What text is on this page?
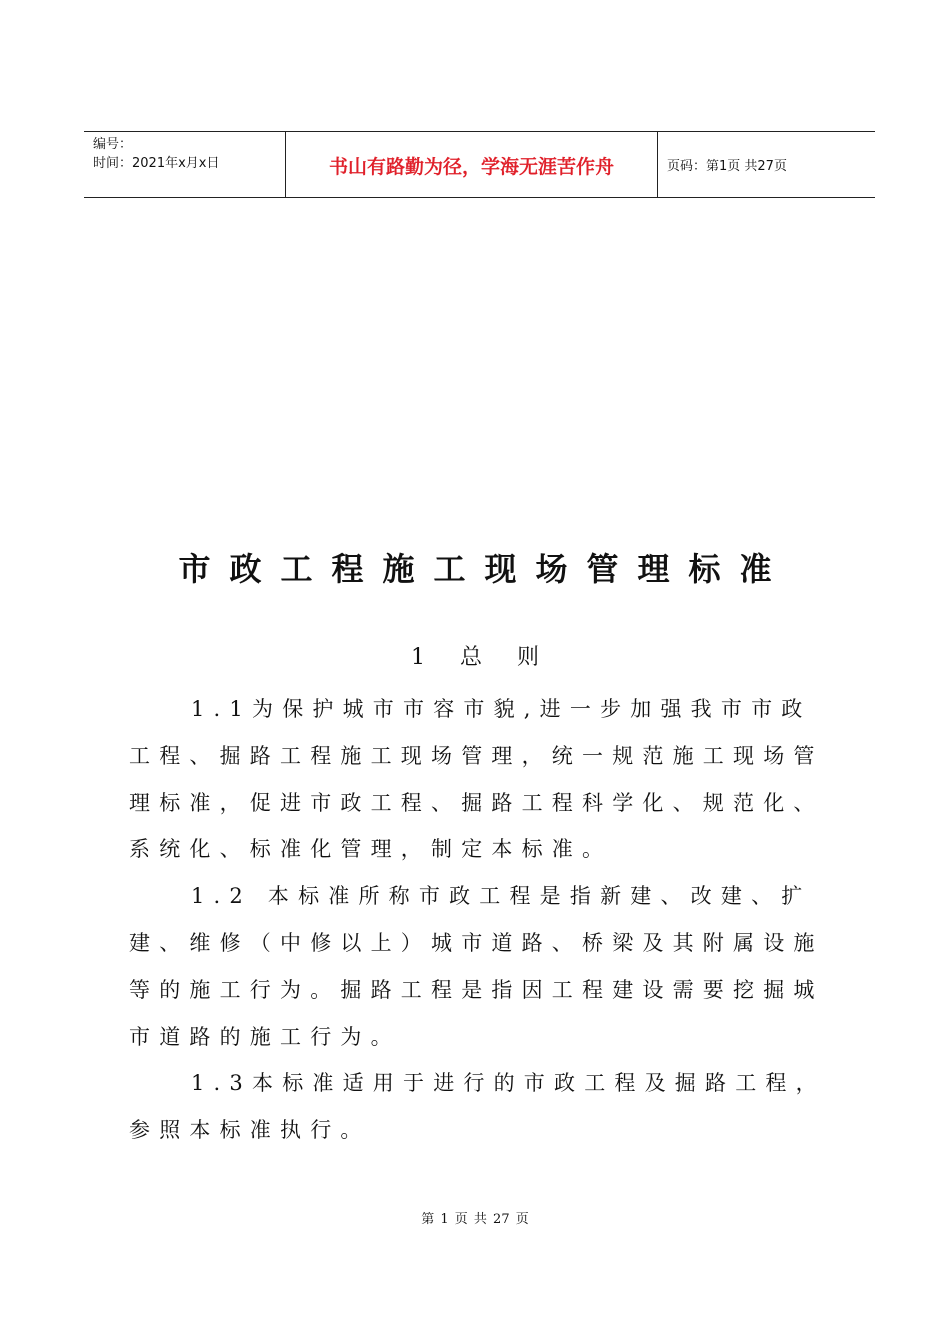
编号：
时间：2021年x月x日	书山有路勤为径，学海无涯苦作舟	页码：第1页 共27页
市政工程施工现场管理标准
1 总 则

1.1为保护城市市容市貌,进一步加强我市市政工程、掘路工程施工现场管理，统一规范施工现场管理标准，促进市政工程、掘路工程科学化、规范化、系统化、标准化管理，制定本标准。

1.2 本标准所称市政工程是指新建、改建、扩建、维修（中修以上）城市道路、桥梁及其附属设施等的施工行为。掘路工程是指因工程建设需要挖掘城市道路的施工行为。

1.3本标准适用于进行的市政工程及掘路工程，参照本标准执行。

第 1 页 共 27 页
